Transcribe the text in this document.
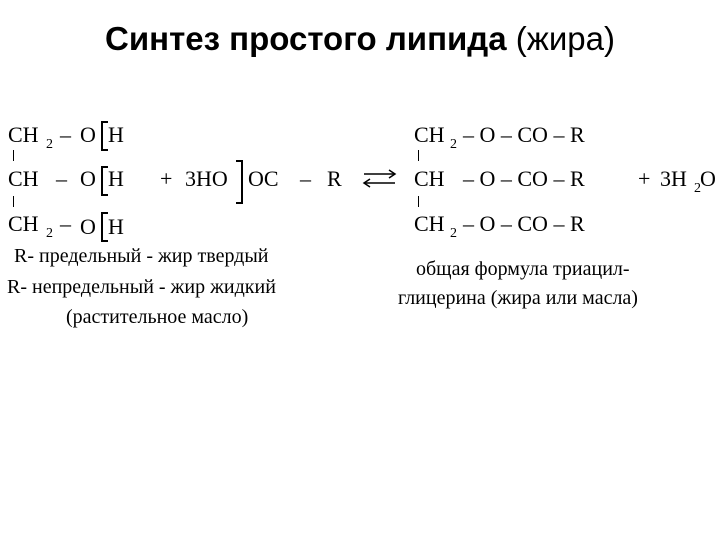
Синтез простого липида (жира)
CH 2 – O H
CH – O H
CH 2 – O H
+ 3HO OC – R ⇌
CH 2 – O – CO – R
CH – O – CO – R
CH 2 – O – CO – R
+ 3H 2 O
R- предельный - жир твердый
R- непредельный - жир жидкий
(растительное масло)
общая формула триацил-
глицерина (жира или масла)
